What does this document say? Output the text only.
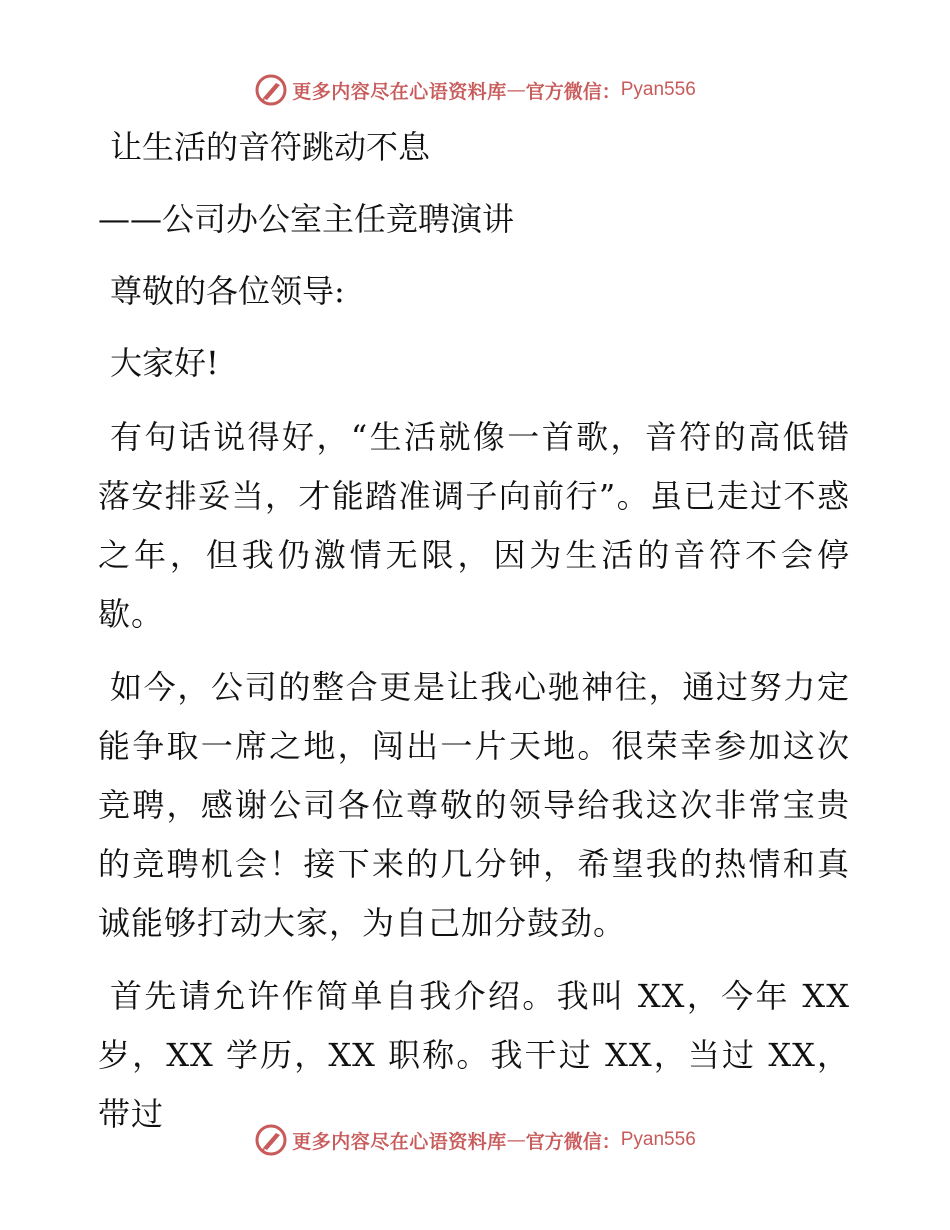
更多内容尽在心语资料库 — 官方微信： Pyan556
让生活的音符跳动不息
——公司办公室主任竞聘演讲
尊敬的各位领导:
大家好!
有句话说得好，“生活就像一首歌，音符的高低错落安排妥当，才能踏准调子向前行”。虽已走过不惑之年，但我仍激情无限，因为生活的音符不会停歇。
如今，公司的整合更是让我心驰神往，通过努力定能争取一席之地，闯出一片天地。很荣幸参加这次竞聘，感谢公司各位尊敬的领导给我这次非常宝贵的竞聘机会！接下来的几分钟，希望我的热情和真诚能够打动大家，为自己加分鼓劲。
首先请允许作简单自我介绍。我叫 XX，今年 XX 岁，XX 学历，XX 职称。我干过 XX，当过 XX，带过
更多内容尽在心语资料库 — 官方微信： Pyan556
